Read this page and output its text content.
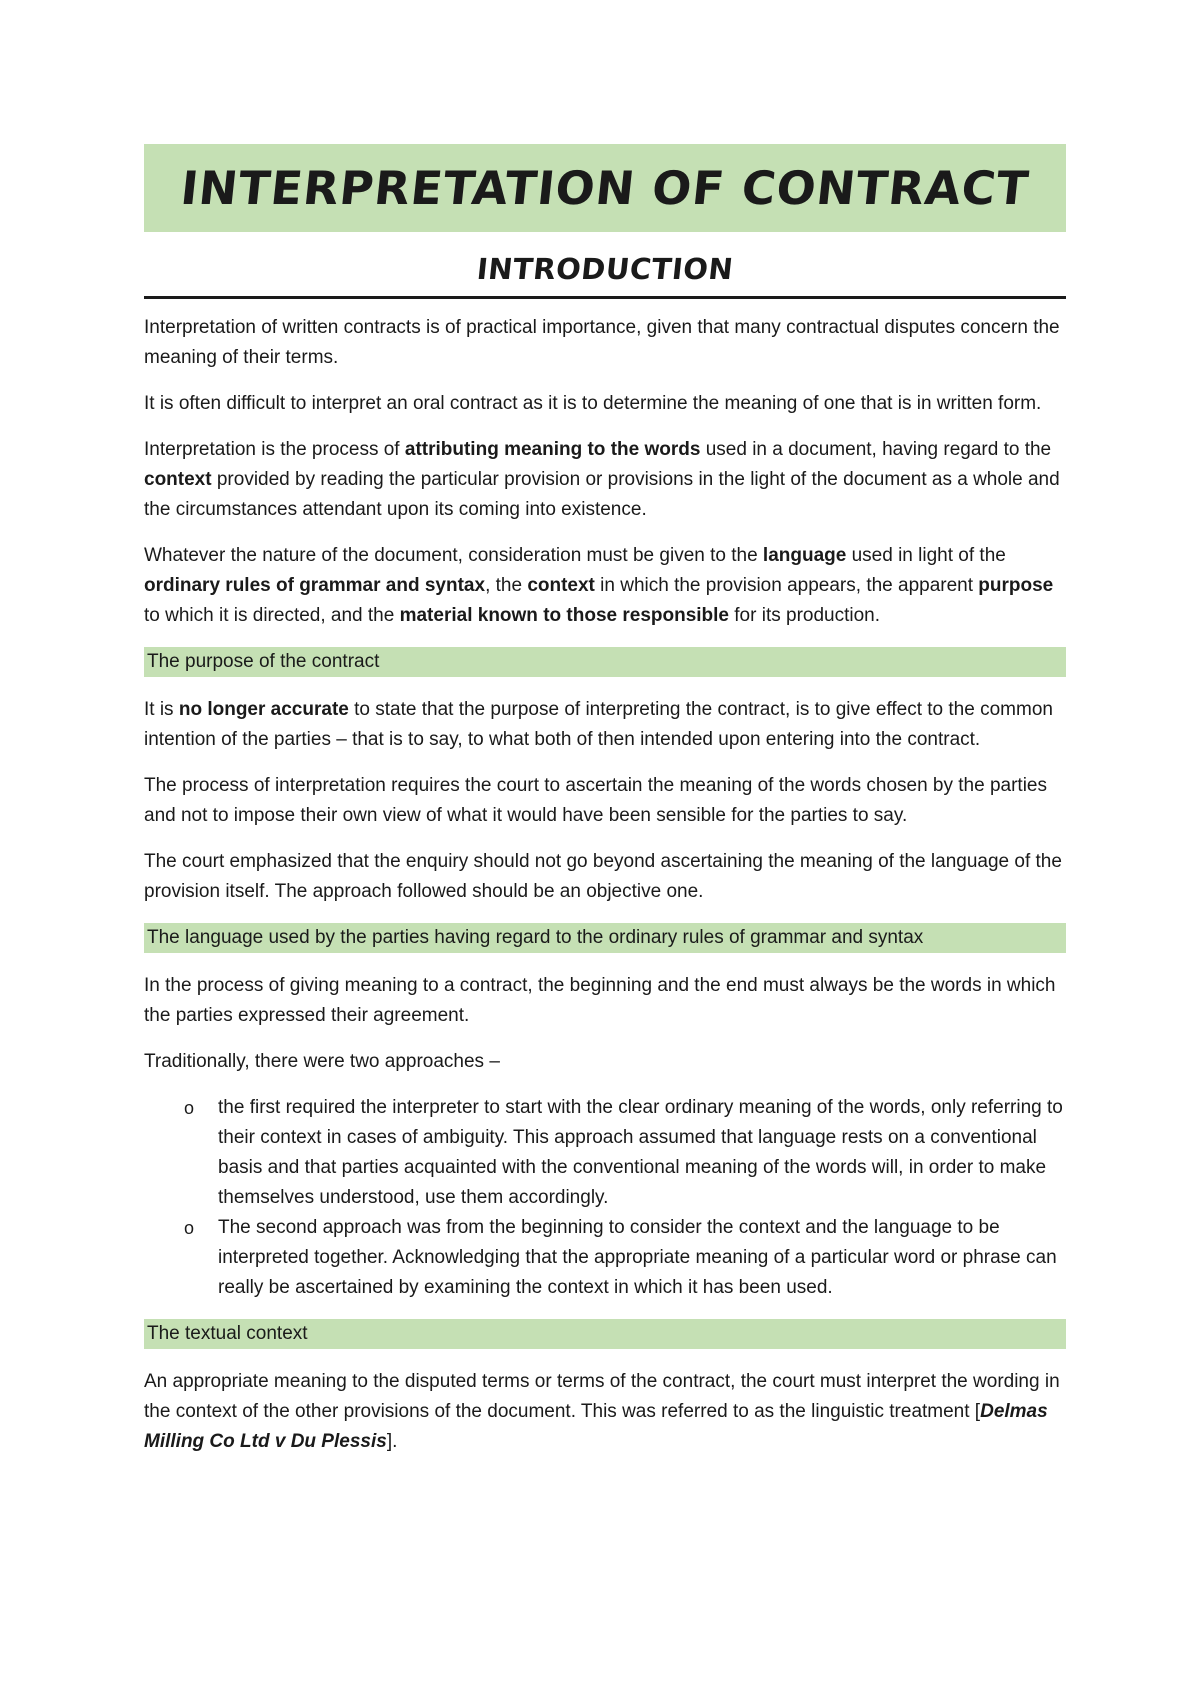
INTERPRETATION OF CONTRACT
INTRODUCTION

Interpretation of written contracts is of practical importance, given that many contractual disputes concern the meaning of their terms.

It is often difficult to interpret an oral contract as it is to determine the meaning of one that is in written form.

Interpretation is the process of attributing meaning to the words used in a document, having regard to the context provided by reading the particular provision or provisions in the light of the document as a whole and the circumstances attendant upon its coming into existence.

Whatever the nature of the document, consideration must be given to the language used in light of the ordinary rules of grammar and syntax, the context in which the provision appears, the apparent purpose to which it is directed, and the material known to those responsible for its production.

The purpose of the contract

It is no longer accurate to state that the purpose of interpreting the contract, is to give effect to the common intention of the parties – that is to say, to what both of then intended upon entering into the contract.

The process of interpretation requires the court to ascertain the meaning of the words chosen by the parties and not to impose their own view of what it would have been sensible for the parties to say.

The court emphasized that the enquiry should not go beyond ascertaining the meaning of the language of the provision itself. The approach followed should be an objective one.

The language used by the parties having regard to the ordinary rules of grammar and syntax

In the process of giving meaning to a contract, the beginning and the end must always be the words in which the parties expressed their agreement.

Traditionally, there were two approaches –

o the first required the interpreter to start with the clear ordinary meaning of the words, only referring to their context in cases of ambiguity. This approach assumed that language rests on a conventional basis and that parties acquainted with the conventional meaning of the words will, in order to make themselves understood, use them accordingly.
o The second approach was from the beginning to consider the context and the language to be interpreted together. Acknowledging that the appropriate meaning of a particular word or phrase can really be ascertained by examining the context in which it has been used.
The textual context

An appropriate meaning to the disputed terms or terms of the contract, the court must interpret the wording in the context of the other provisions of the document. This was referred to as the linguistic treatment [Delmas Milling Co Ltd v Du Plessis].
